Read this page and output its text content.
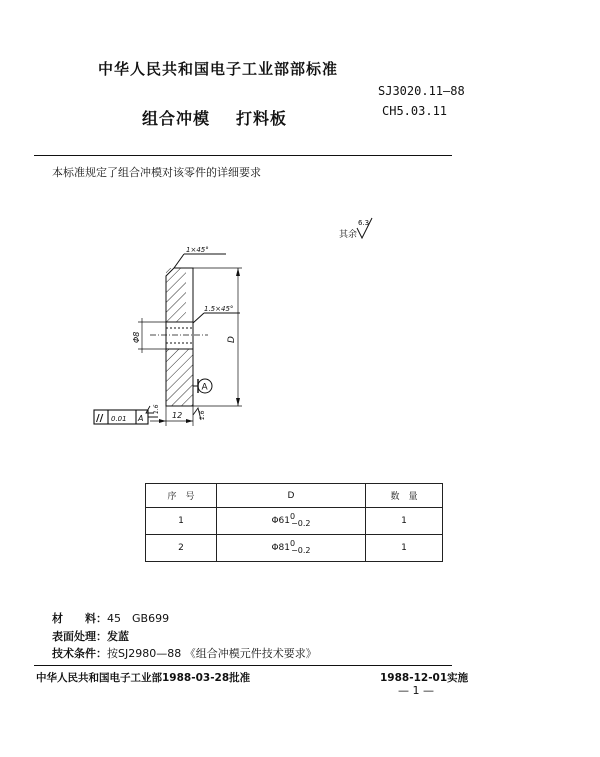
中华人民共和国电子工业部部标准
SJ3020.11—88
CH5.03.11
组合冲模 打料板
本标准规定了组合冲模对该零件的详细要求
其余
6.3
1×45°
1.5×45°
Φ8	D
A
12	1.6
1.6
// 0.01 A
序　号	D	数　量
1	Φ610−0.2	1
2	Φ810−0.2	1
材　　料：45　GB699
表面处理：发蓝
技术条件：按SJ2980—88 《组合冲模元件技术要求》
中华人民共和国电子工业部1988-03-28批准	1988-12-01实施
— 1 —
